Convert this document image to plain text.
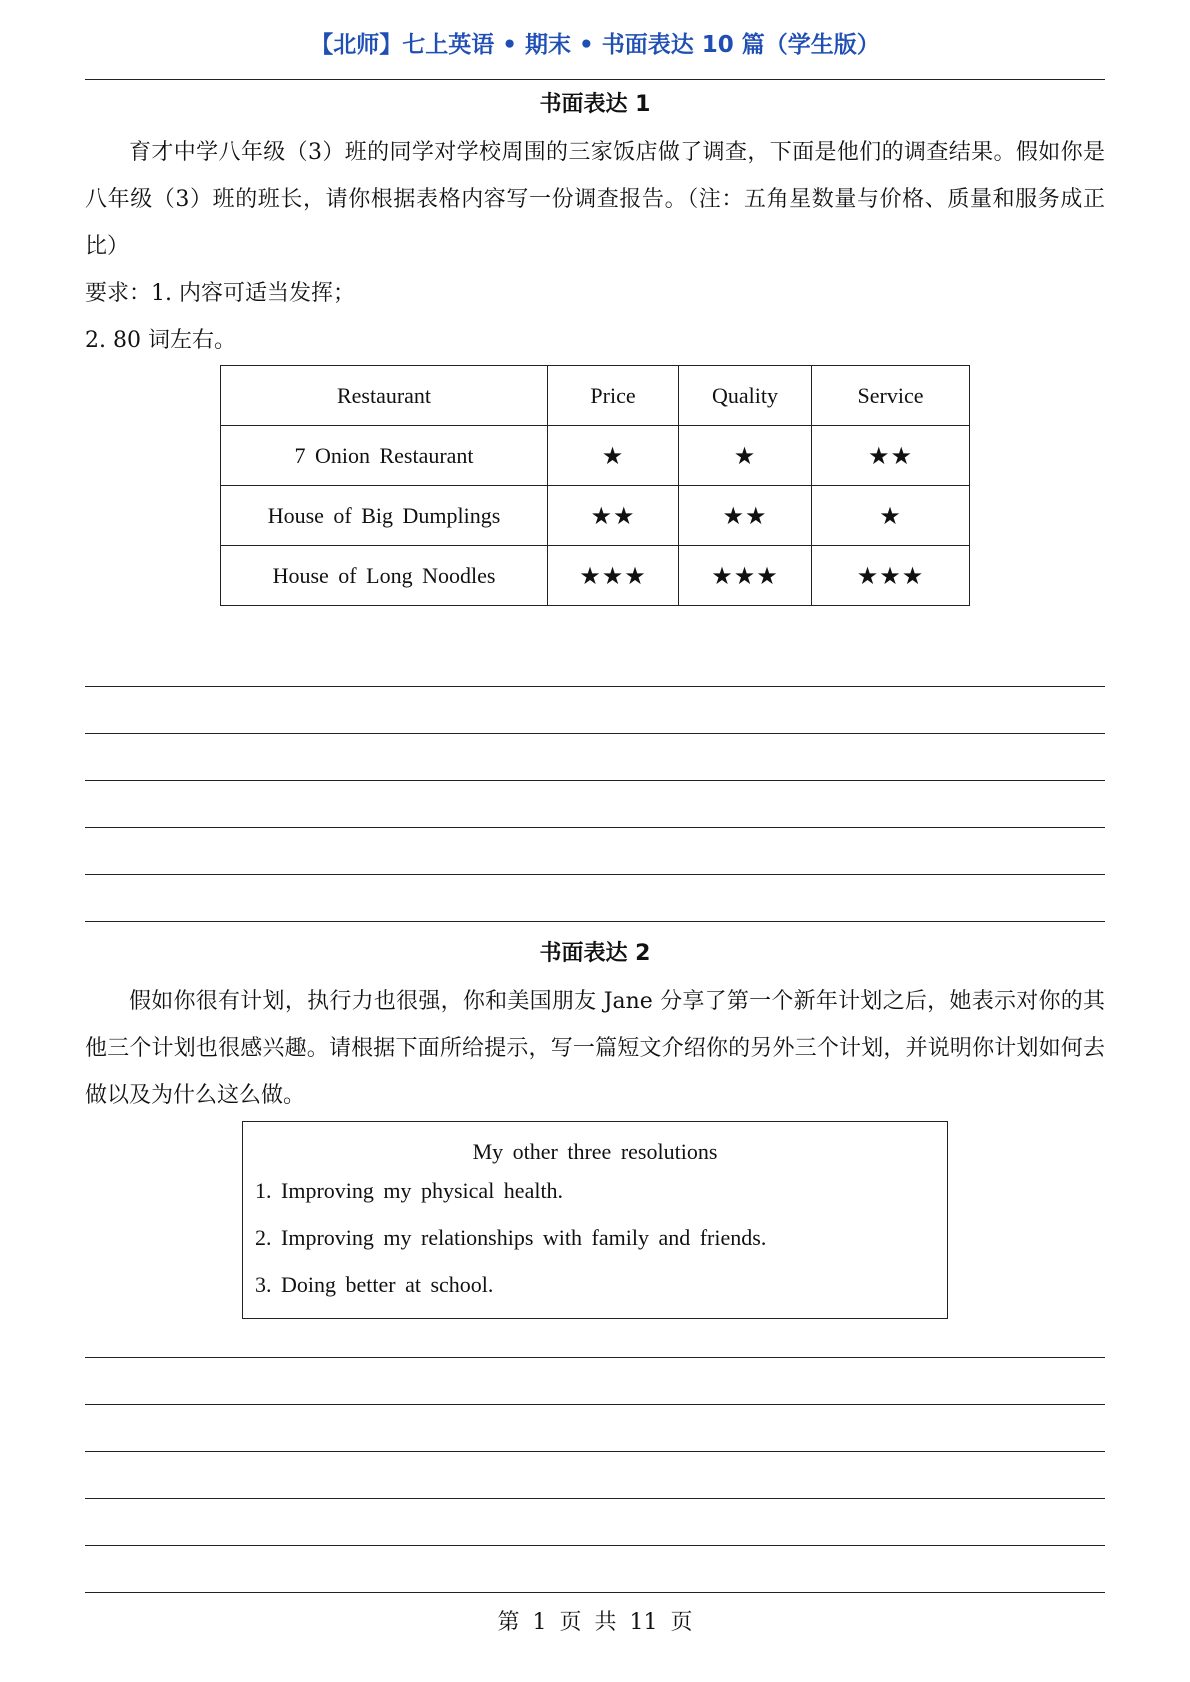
【北师】七上英语 • 期末 • 书面表达 10 篇（学生版）
书面表达 1

育才中学八年级（3）班的同学对学校周围的三家饭店做了调查，下面是他们的调查结果。假如你是八年级（3）班的班长，请你根据表格内容写一份调查报告。（注：五角星数量与价格、质量和服务成正比）

要求：1. 内容可适当发挥；

2. 80 词左右。

Restaurant	Price	Quality	Service
7 Onion Restaurant	★	★	★★
House of Big Dumplings	★★	★★	★
House of Long Noodles	★★★	★★★	★★★
书面表达 2

假如你很有计划，执行力也很强，你和美国朋友 Jane 分享了第一个新年计划之后，她表示对你的其他三个计划也很感兴趣。请根据下面所给提示，写一篇短文介绍你的另外三个计划，并说明你计划如何去做以及为什么这么做。

My other three resolutions
1. Improving my physical health.
2. Improving my relationships with family and friends.
3. Doing better at school.
第 1 页 共 11 页
